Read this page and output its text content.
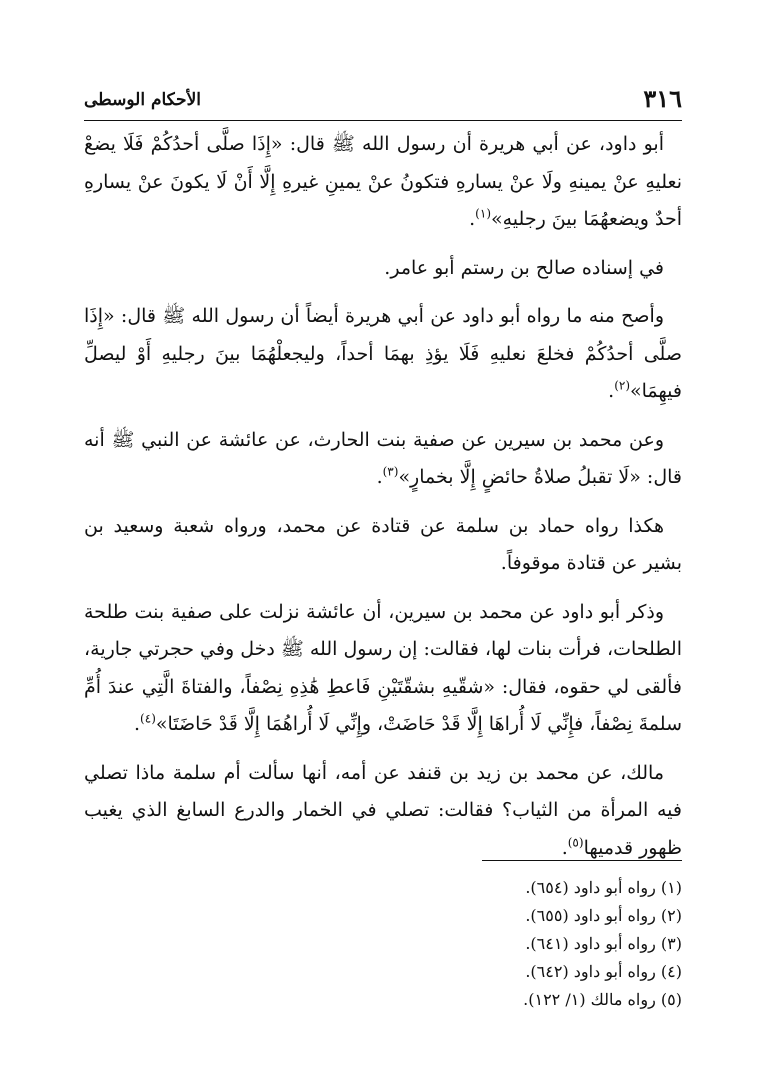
٣١٦
الأحكام الوسطى

أبو داود، عن أبي هريرة أن رسول الله ﷺ قال: «إِذَا صلَّى أحدُكُمْ فَلَا يضعْ نعليهِ عنْ يمينهِ ولَا عنْ يسارهِ فتكونُ عنْ يمينِ غيرهِ إِلَّا أَنْ لَا يكونَ عنْ يسارهِ أحدٌ ويضعهُمَا بينَ رجليهِ»$^{(١)}$.

في إسناده صالح بن رستم أبو عامر.

وأصح منه ما رواه أبو داود عن أبي هريرة أيضاً أن رسول الله ﷺ قال: «إِذَا صلَّى أحدُكُمْ فخلعَ نعليهِ فَلَا يؤذِ بهمَا أحداً، وليجعلْهُمَا بينَ رجليهِ أَوْ ليصلِّ فيهِمَا»$^{(٢)}$.

وعن محمد بن سيرين عن صفية بنت الحارث، عن عائشة عن النبي ﷺ أنه قال: «لَا تقبلُ صلاةُ حائضٍ إِلَّا بخمارٍ»$^{(٣)}$.

هكذا رواه حماد بن سلمة عن قتادة عن محمد، ورواه شعبة وسعيد بن بشير عن قتادة موقوفاً.

وذكر أبو داود عن محمد بن سيرين، أن عائشة نزلت على صفية بنت طلحة الطلحات، فرأت بنات لها، فقالت: إن رسول الله ﷺ دخل وفي حجرتي جارية، فألقى لي حقوه، فقال: «شقّيهِ بشقّتَيْنِ فَاعطِ هَٰذِهِ نِصْفاً، والفتاةَ الَّتِي عندَ أُمِّ سلمةَ نِصْفاً، فإِنِّي لَا أُراهَا إِلَّا قَدْ حَاضَتْ، وإِنِّي لَا أُراهُمَا إِلَّا قَدْ حَاضَتَا»$^{(٤)}$.

مالك، عن محمد بن زيد بن قنفد عن أمه، أنها سألت أم سلمة ماذا تصلي فيه المرأة من الثياب؟ فقالت: تصلي في الخمار والدرع السابغ الذي يغيب ظهور قدميها$^{(٥)}$.

(١) رواه أبو داود (٦٥٤).
(٢) رواه أبو داود (٦٥٥).
(٣) رواه أبو داود (٦٤١).
(٤) رواه أبو داود (٦٤٢).
(٥) رواه مالك (١/ ١٢٢).
